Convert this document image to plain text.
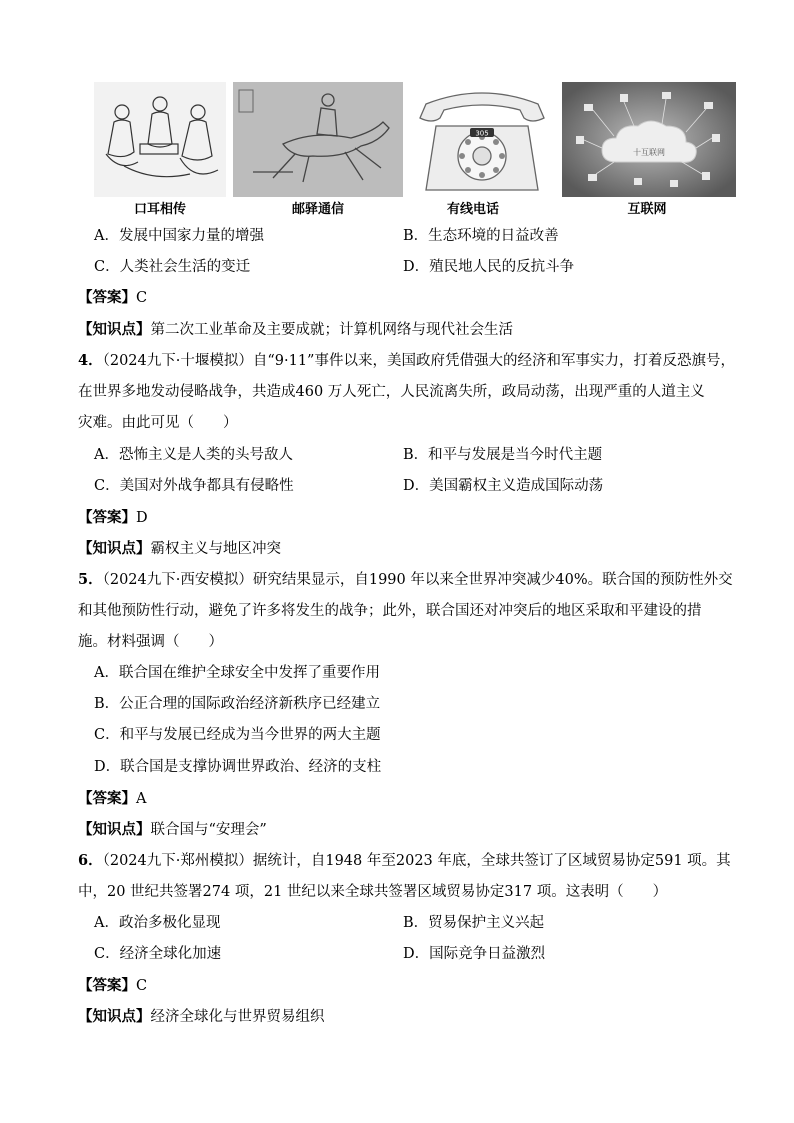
口耳相传	邮驿通信
305
有线电话
十互联网
互联网
A．发展中国家力量的增强	B．生态环境的日益改善
C．人类社会生活的变迁	D．殖民地人民的反抗斗争
【答案】C
【知识点】第二次工业革命及主要成就；计算机网络与现代社会生活
4．（2024九下·十堰模拟）自“9·11”事件以来，美国政府凭借强大的经济和军事实力，打着反恐旗号，
在世界多地发动侵略战争，共造成460 万人死亡，人民流离失所，政局动荡，出现严重的人道主义
灾难。由此可见（　　）
A．恐怖主义是人类的头号敌人	B．和平与发展是当今时代主题
C．美国对外战争都具有侵略性	D．美国霸权主义造成国际动荡
【答案】D
【知识点】霸权主义与地区冲突
5．（2024九下·西安模拟）研究结果显示，自1990 年以来全世界冲突减少40%。联合国的预防性外交
和其他预防性行动，避免了许多将发生的战争；此外，联合国还对冲突后的地区采取和平建设的措
施。材料强调（　　）
A．联合国在维护全球安全中发挥了重要作用
B．公正合理的国际政治经济新秩序已经建立
C．和平与发展已经成为当今世界的两大主题
D．联合国是支撑协调世界政治、经济的支柱
【答案】A
【知识点】联合国与“安理会”
6．（2024九下·郑州模拟）据统计，自1948 年至2023 年底，全球共签订了区域贸易协定591 项。其
中，20 世纪共签署274 项，21 世纪以来全球共签署区域贸易协定317 项。这表明（　　）
A．政治多极化显现	B．贸易保护主义兴起
C．经济全球化加速	D．国际竞争日益激烈
【答案】C
【知识点】经济全球化与世界贸易组织
